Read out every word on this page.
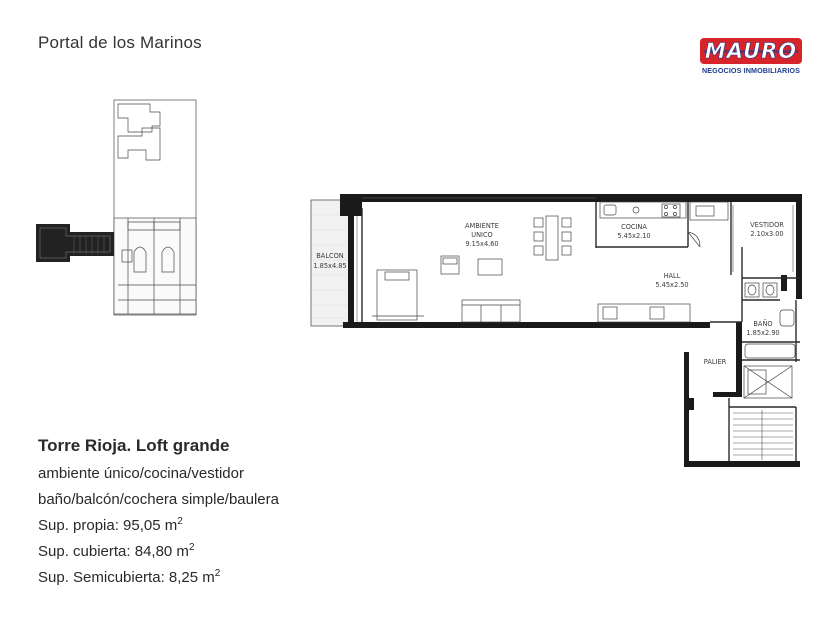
Portal de los Marinos	MAURO
NEGOCIOS INMOBILIARIOS
BALCON
1.85x4.85
AMBIENTE
UNICO
9.15x4.60
COCINA
5.45x2.10
VESTIDOR
2.10x3.00
HALL
5.45x2.50
BAÑO
1.85x2.90
PALIER
Torre Rioja. Loft grande
ambiente único/cocina/vestidor
baño/balcón/cochera simple/baulera
Sup. propia: 95,05 $m^2$
Sup. cubierta: 84,80 $m^2$
Sup. Semicubierta: 8,25 $m^2$
